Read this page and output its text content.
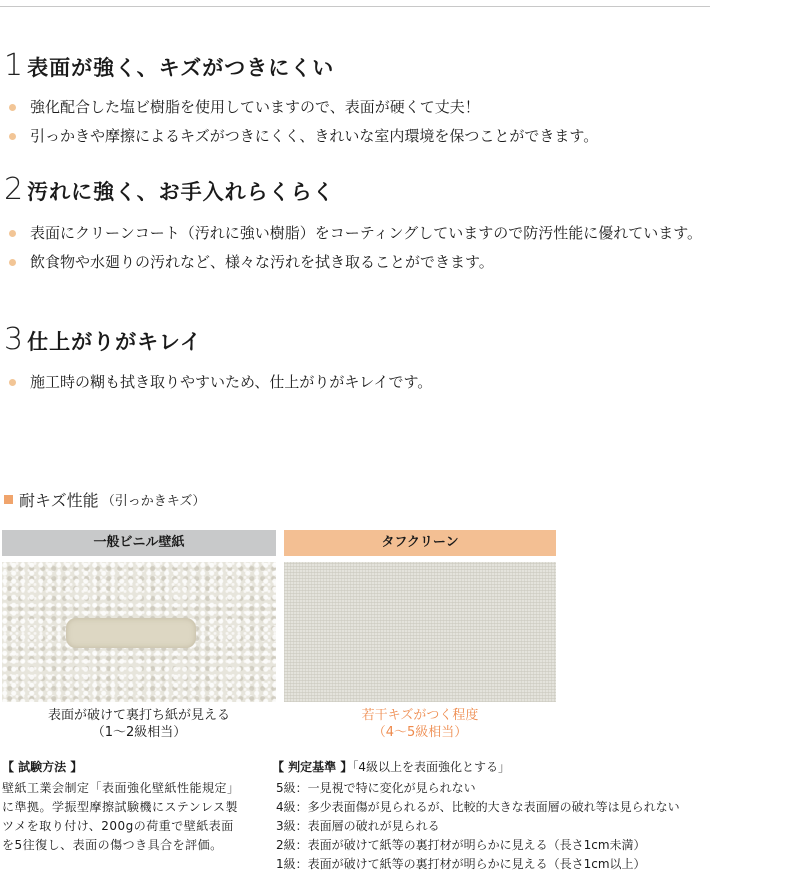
1 表面が強く、キズがつきにくい
強化配合した塩ビ樹脂を使用していますので、表面が硬くて丈夫！
引っかきや摩擦によるキズがつきにくく、きれいな室内環境を保つことができます。
2 汚れに強く、お手入れらくらく
表面にクリーンコート（汚れに強い樹脂）をコーティングしていますので防汚性能に優れています。
飲食物や水廻りの汚れなど、様々な汚れを拭き取ることができます。
3 仕上がりがキレイ
施工時の糊も拭き取りやすいため、仕上がりがキレイです。
耐キズ性能 （引っかきキズ）
一般ビニル壁紙	タフクリーン
表面が破けて裏打ち紙が見える
（1〜2級相当）
若干キズがつく程度
（4〜5級相当）
【 試験方法 】

壁紙工業会制定「表面強化壁紙性能規定」に準拠。学振型摩擦試験機にステンレス製ツメを取り付け、200gの荷重で壁紙表面を5往復し、表面の傷つき具合を評価。

【 判定基準 】「4級以上を表面強化とする」
5級：一見視で特に変化が見られない
4級：多少表面傷が見られるが、比較的大きな表面層の破れ等は見られない
3級：表面層の破れが見られる
2級：表面が破けて紙等の裏打材が明らかに見える（長さ1cm未満）
1級：表面が破けて紙等の裏打材が明らかに見える（長さ1cm以上）
